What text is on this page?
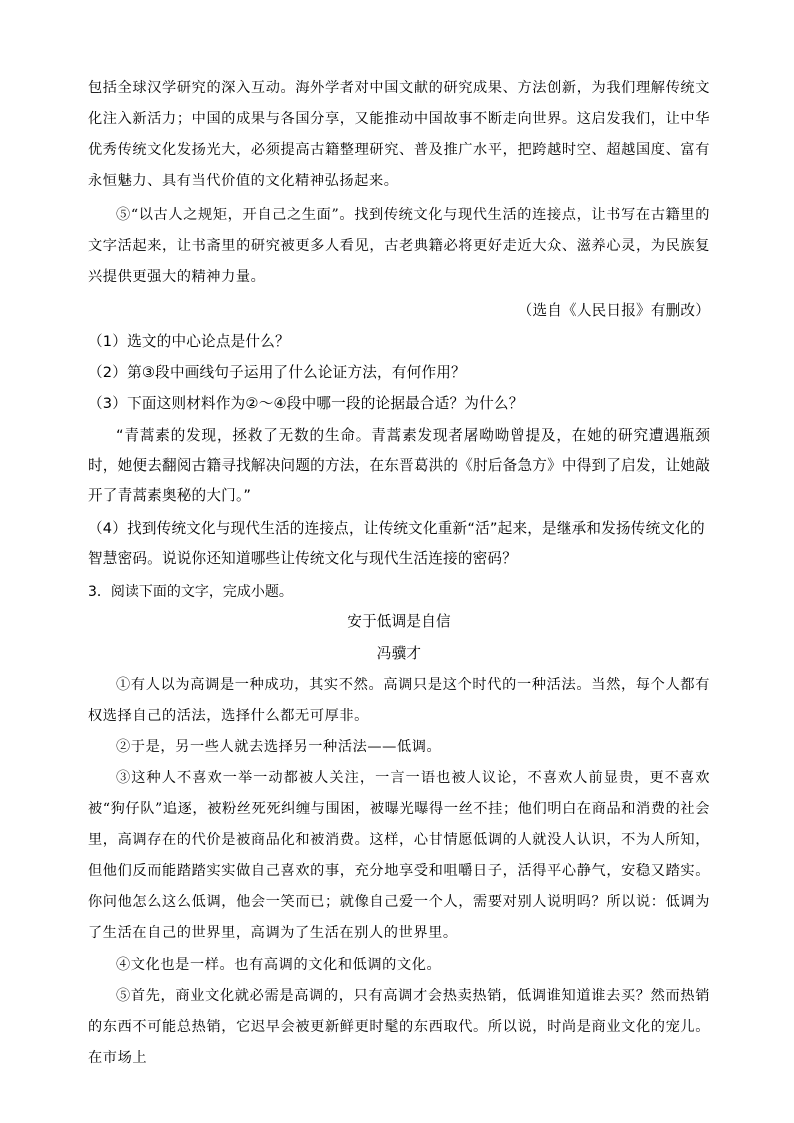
包括全球汉学研究的深入互动。海外学者对中国文献的研究成果、方法创新，为我们理解传统文化注入新活力；中国的成果与各国分享，又能推动中国故事不断走向世界。这启发我们，让中华优秀传统文化发扬光大，必须提高古籍整理研究、普及推广水平，把跨越时空、超越国度、富有永恒魅力、具有当代价值的文化精神弘扬起来。
⑤“以古人之规矩，开自己之生面”。找到传统文化与现代生活的连接点，让书写在古籍里的文字活起来，让书斋里的研究被更多人看见，古老典籍必将更好走近大众、滋养心灵，为民族复兴提供更强大的精神力量。
（选自《人民日报》有删改）
（1）选文的中心论点是什么？
（2）第③段中画线句子运用了什么论证方法，有何作用？
（3）下面这则材料作为②～④段中哪一段的论据最合适？为什么？
“青蒿素的发现，拯救了无数的生命。青蒿素发现者屠呦呦曾提及，在她的研究遭遇瓶颈时，她便去翻阅古籍寻找解决问题的方法，在东晋葛洪的《肘后备急方》中得到了启发，让她敲开了青蒿素奥秘的大门。”
（4）找到传统文化与现代生活的连接点，让传统文化重新“活”起来，是继承和发扬传统文化的智慧密码。说说你还知道哪些让传统文化与现代生活连接的密码？
3．阅读下面的文字，完成小题。
安于低调是自信
冯骥才
①有人以为高调是一种成功，其实不然。高调只是这个时代的一种活法。当然，每个人都有权选择自己的活法，选择什么都无可厚非。
②于是，另一些人就去选择另一种活法——低调。
③这种人不喜欢一举一动都被人关注，一言一语也被人议论，不喜欢人前显贵，更不喜欢被“狗仔队”追逐，被粉丝死死纠缠与围困，被曝光曝得一丝不挂；他们明白在商品和消费的社会里，高调存在的代价是被商品化和被消费。这样，心甘情愿低调的人就没人认识，不为人所知，但他们反而能踏踏实实做自己喜欢的事，充分地享受和咀嚼日子，活得平心静气，安稳又踏实。你问他怎么这么低调，他会一笑而已；就像自己爱一个人，需要对别人说明吗？所以说：低调为了生活在自己的世界里，高调为了生活在别人的世界里。
④文化也是一样。也有高调的文化和低调的文化。
⑤首先，商业文化就必需是高调的，只有高调才会热卖热销，低调谁知道谁去买？然而热销的东西不可能总热销，它迟早会被更新鲜更时髦的东西取代。所以说，时尚是商业文化的宠儿。在市场上
